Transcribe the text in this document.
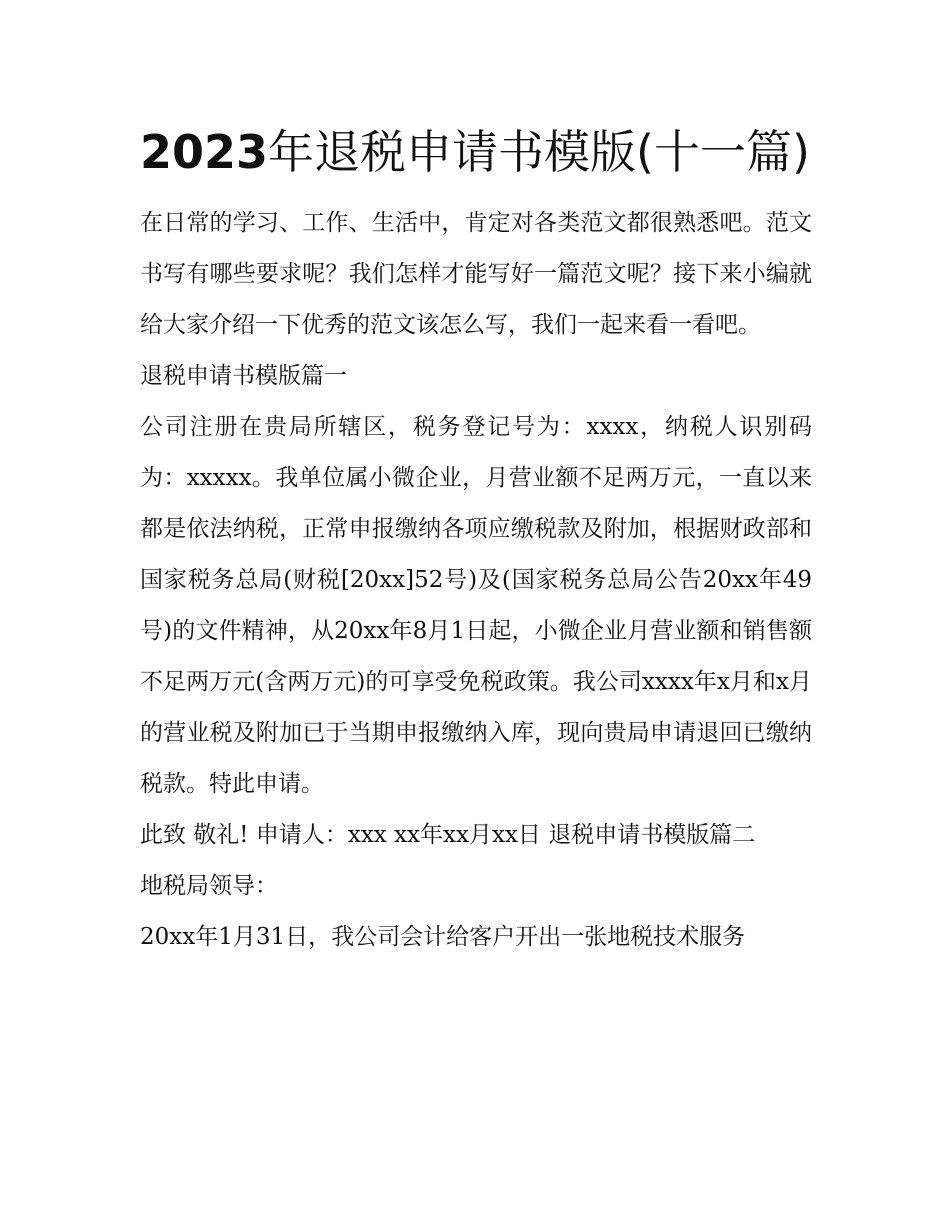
2023年退税申请书模版(十一篇)

在日常的学习、工作、生活中，肯定对各类范文都很熟悉吧。范文书写有哪些要求呢？我们怎样才能写好一篇范文呢？接下来小编就给大家介绍一下优秀的范文该怎么写，我们一起来看一看吧。

退税申请书模版篇一

公司注册在贵局所辖区，税务登记号为：xxxx，纳税人识别码为：xxxxx。我单位属小微企业，月营业额不足两万元，一直以来都是依法纳税，正常申报缴纳各项应缴税款及附加，根据财政部和国家税务总局(财税[20xx]52号)及(国家税务总局公告20xx年49号)的文件精神，从20xx年8月1日起，小微企业月营业额和销售额不足两万元(含两万元)的可享受免税政策。我公司xxxx年x月和x月的营业税及附加已于当期申报缴纳入库，现向贵局申请退回已缴纳税款。特此申请。

此致 敬礼! 申请人：xxx xx年xx月xx日 退税申请书模版篇二

地税局领导：

20xx年1月31日，我公司会计给客户开出一张地税技术服务
